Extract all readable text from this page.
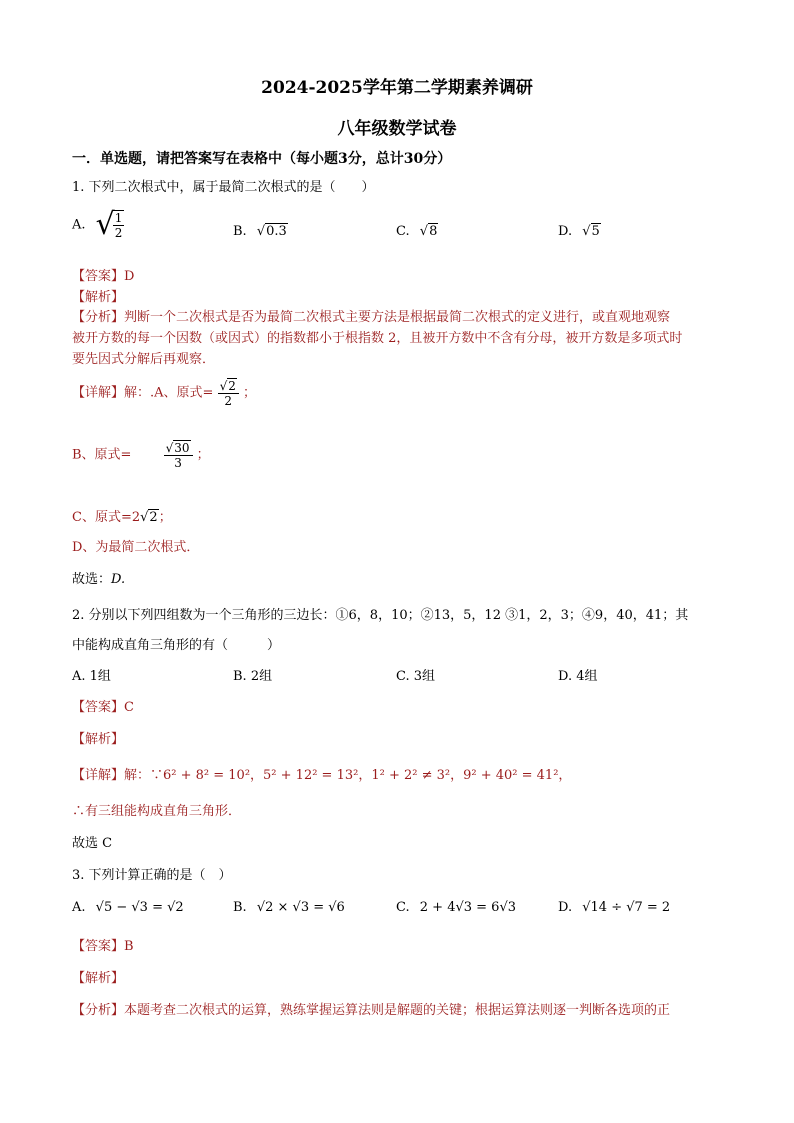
2024-2025学年第二学期素养调研
八年级数学试卷
一．单选题，请把答案写在表格中（每小题3分，总计30分）
1. 下列二次根式中，属于最简二次根式的是（　　）
A. √
$\frac{1}{2}$	B. √0.3	C. √8	D. √5
【答案】D
【解析】
【分析】判断一个二次根式是否为最简二次根式主要方法是根据最简二次根式的定义进行，或直观地观察
被开方数的每一个因数（或因式）的指数都小于根指数 2，且被开方数中不含有分母，被开方数是多项式时
要先因式分解后再观察．
【详解】解：.A、原式= $\frac{√2}{2}$ ；
B、原式=	$\frac{√30}{3}$ ；
C、原式=2√2；
D、为最简二次根式．
故选：D.
2. 分别以下列四组数为一个三角形的三边长：①6，8，10；②13，5，12 ③1，2，3；④9，40，41；其
中能构成直角三角形的有（　　　）
A. 1组	B. 2组	C. 3组	D. 4组
【答案】C
【解析】
【详解】解：∵6² + 8² = 10²，5² + 12² = 13²，1² + 2² ≠ 3²，9² + 40² = 41²，
∴有三组能构成直角三角形．
故选 C
3. 下列计算正确的是（　）
A. √5 − √3 = √2	B. √2 × √3 = √6	C. 2 + 4√3 = 6√3	D. √14 ÷ √7 = 2
【答案】B
【解析】
【分析】本题考查二次根式的运算，熟练掌握运算法则是解题的关键；根据运算法则逐一判断各选项的正
